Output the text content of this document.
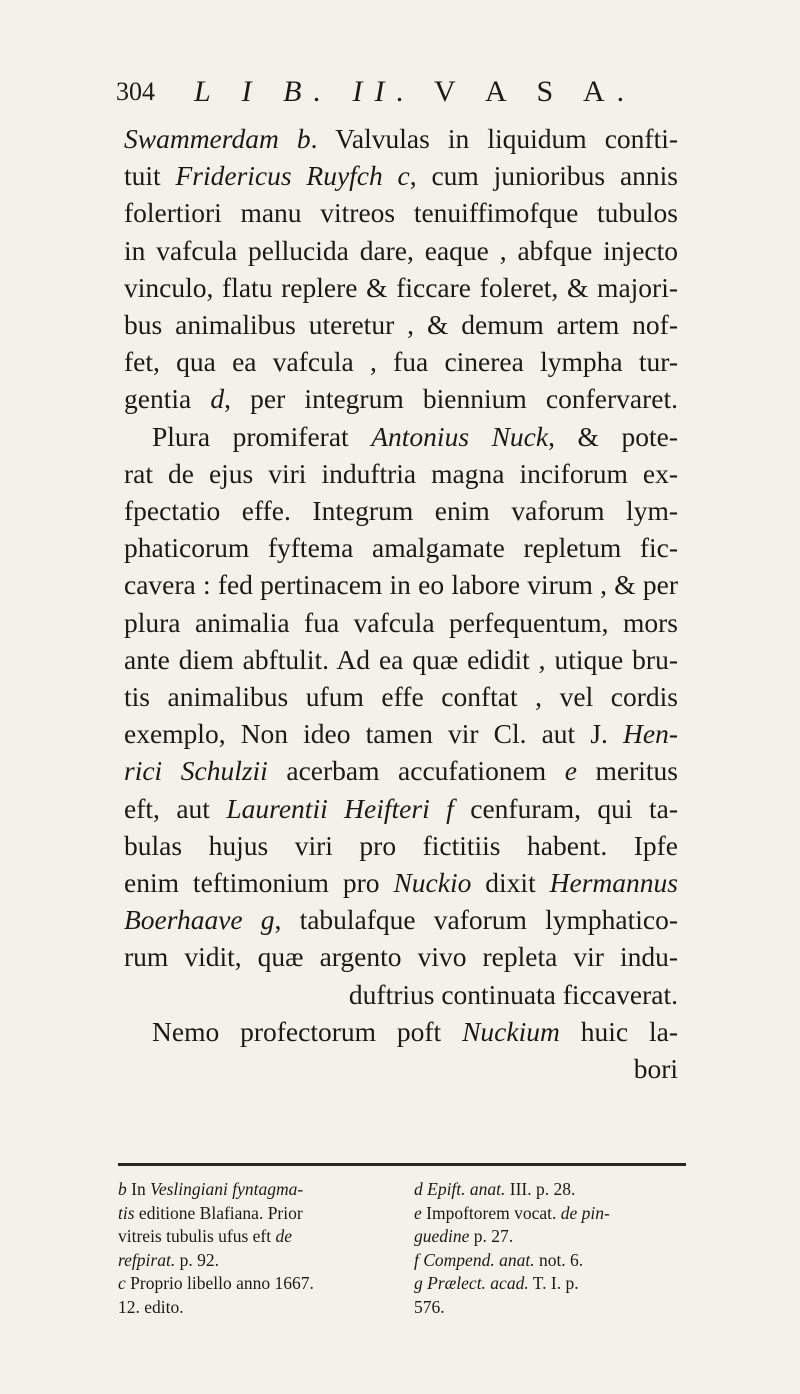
304 L I B. II. V A S A.
Swammerdam b. Valvulas in liquidum confti-
tuit Fridericus Ruyfch c, cum junioribus annis
folertiori manu vitreos tenuiffimofque tubulos
in vafcula pellucida dare, eaque , abfque injecto
vinculo, flatu replere & ficcare foleret, & majori-
bus animalibus uteretur , & demum artem nof-
fet, qua ea vafcula , fua cinerea lympha tur-
gentia d, per integrum biennium confervaret.
Plura promiferat Antonius Nuck, & pote-
rat de ejus viri induftria magna inciforum ex-
fpectatio effe. Integrum enim vaforum lym-
phaticorum fyftema amalgamate repletum fic-
cavera : fed pertinacem in eo labore virum , & per
plura animalia fua vafcula perfequentum, mors
ante diem abftulit. Ad ea quæ edidit , utique bru-
tis animalibus ufum effe conftat , vel cordis
exemplo, Non ideo tamen vir Cl. aut J. Hen-
rici Schulzii acerbam accufationem e meritus
eft, aut Laurentii Heifteri f cenfuram, qui ta-
bulas hujus viri pro fictitiis habent. Ipfe
enim teftimonium pro Nuckio dixit Hermannus
Boerhaave g, tabulafque vaforum lymphatico-
rum vidit, quæ argento vivo repleta vir indu-
duftrius continuata ficcaverat.
Nemo profectorum poft Nuckium huic la-
bori
b In Veslingiani fyntagma-
tis editione Blafiana. Prior
vitreis tubulis ufus eft de
refpirat. p. 92.
c Proprio libello anno 1667.
12. edito.
d Epift. anat. III. p. 28.
e Impoftorem vocat. de pin-
guedine p. 27.
f Compend. anat. not. 6.
g Prælect. acad. T. I. p.
576.
